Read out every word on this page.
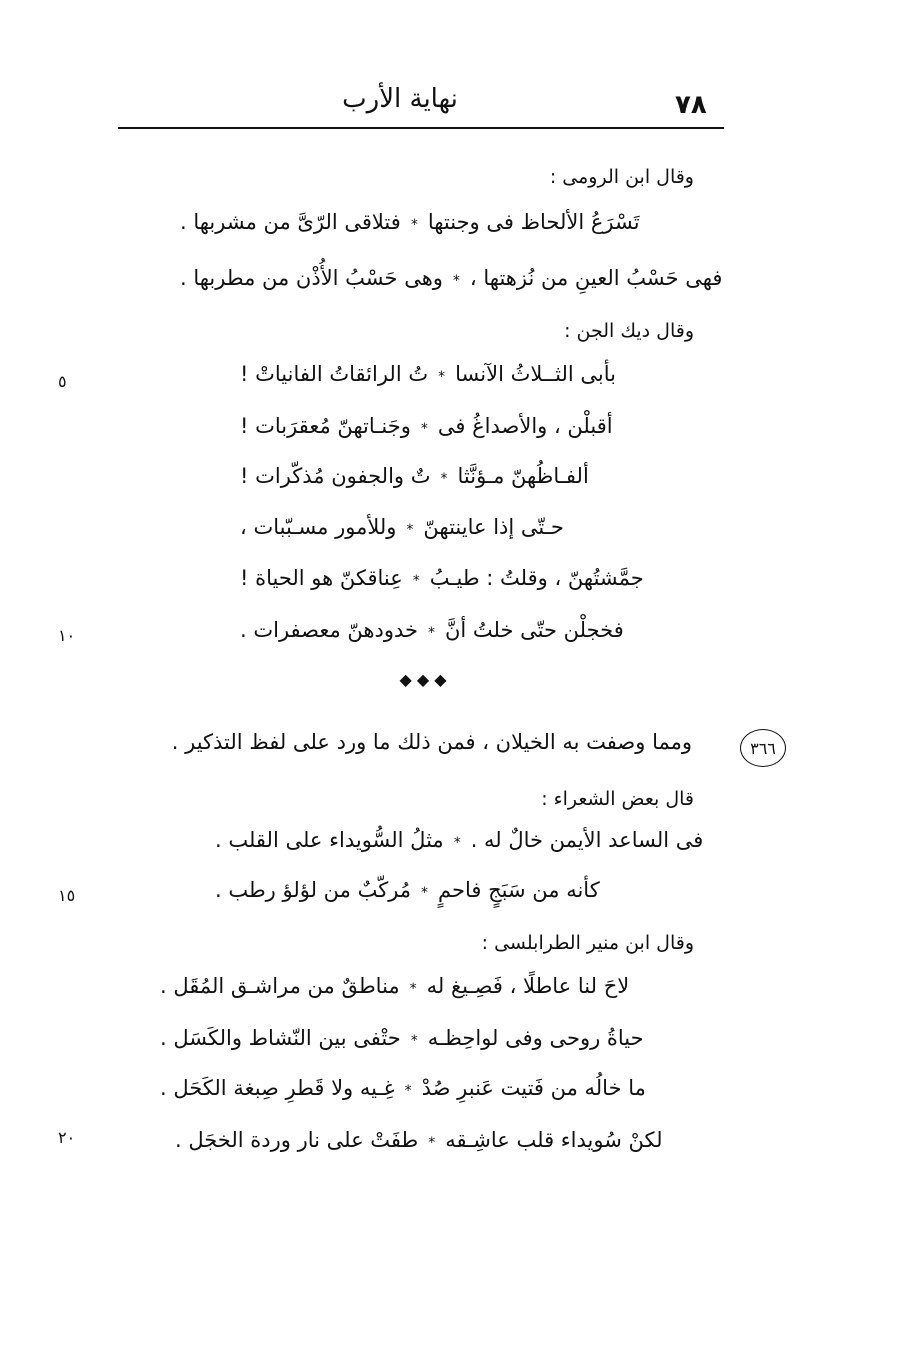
٧٨
نهاية الأرب
وقال ابن الرومى :
تَسْرَعُ الألحاظ فى وجنتها
*
فتلاقى الرّىَّ من مشربها .
فهى حَسْبُ العينِ من نُزهتها ،
*
وهى حَسْبُ الأُذْن من مطربها .
وقال ديك الجن :
بأبى الثــلاثُ الآنسا
*
تُ الرائقاتُ الفانياتْ !
أقبلْن ، والأصداغُ فى
*
وجَنـاتهنّ مُعقرَبات !
ألفـاظُهنّ مـؤنَّثا
*
تٌ والجفون مُذكّرات !
حـتّى إذا عاينتهنّ
*
وللأمور مسـبّبات ،
جمَّشتُهنّ ، وقلتُ : طيـبُ
*
عِناقكنّ هو الحياة !
فخجلْن حتّى خلتُ أنَّ
*
خدودهنّ معصفرات .
◆ ◆ ◆
ومما وصفت به الخيلان ، فمن ذلك ما ورد على لفظ التذكير .	٣٦٦
قال بعض الشعراء :
فى الساعد الأيمن خالٌ له .
*
مثلُ السُّويداء على القلب .
كأنه من سَبَجٍ فاحمٍ
*
مُركّبٌ من لؤلؤ رطب .
وقال ابن منير الطرابلسى :
لاحَ لنا عاطلًا ، فَصِـيغ له
*
مناطقٌ من مراشـق المُقَل .
حياةُ روحى وفى لواحِظـه
*
حتْفى بين النّشاط والكَسَل .
ما خالُه من فَتيت عَنبرِ صُدْ
*
غِـيه ولا قَطرِ صِبغة الكَحَل .
لكنْ سُويداء قلب عاشِـقه
*
طفَتْ على نار وردة الخجَل .
٥
١٠
١٥
٢٠
